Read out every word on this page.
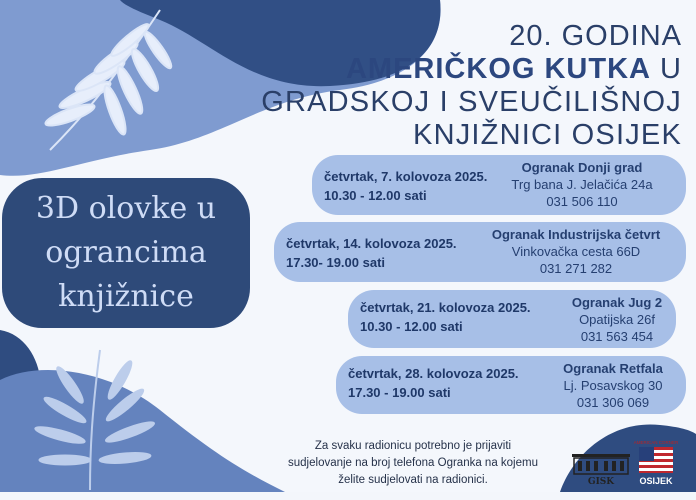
20. GODINA
AMERIČKOG KUTKA U
GRADSKOJ I SVEUČILIŠNOJ
KNJIŽNICI OSIJEK
3D olovke u
ograncima
knjižnice
četvrtak, 7. kolovoza 2025.
10.30 - 12.00 sati
Ogranak Donji grad
Trg bana J. Jelačića 24a
031 506 110
četvrtak, 14. kolovoza 2025.
17.30- 19.00 sati
Ogranak Industrijska četvrt
Vinkovačka cesta 66D
031 271 282
četvrtak, 21. kolovoza 2025.
10.30 - 12.00 sati
Ogranak Jug 2
Opatijska 26f
031 563 454
četvrtak, 28. kolovoza 2025.
17.30 - 19.00 sati
Ogranak Retfala
Lj. Posavskog 30
031 306 069
Za svaku radionicu potrebno je prijaviti
sudjelovanje na broj telefona Ogranka na kojemu
želite sudjelovati na radionici.	GISK
AMERICAN CORNER
OSIJEK
